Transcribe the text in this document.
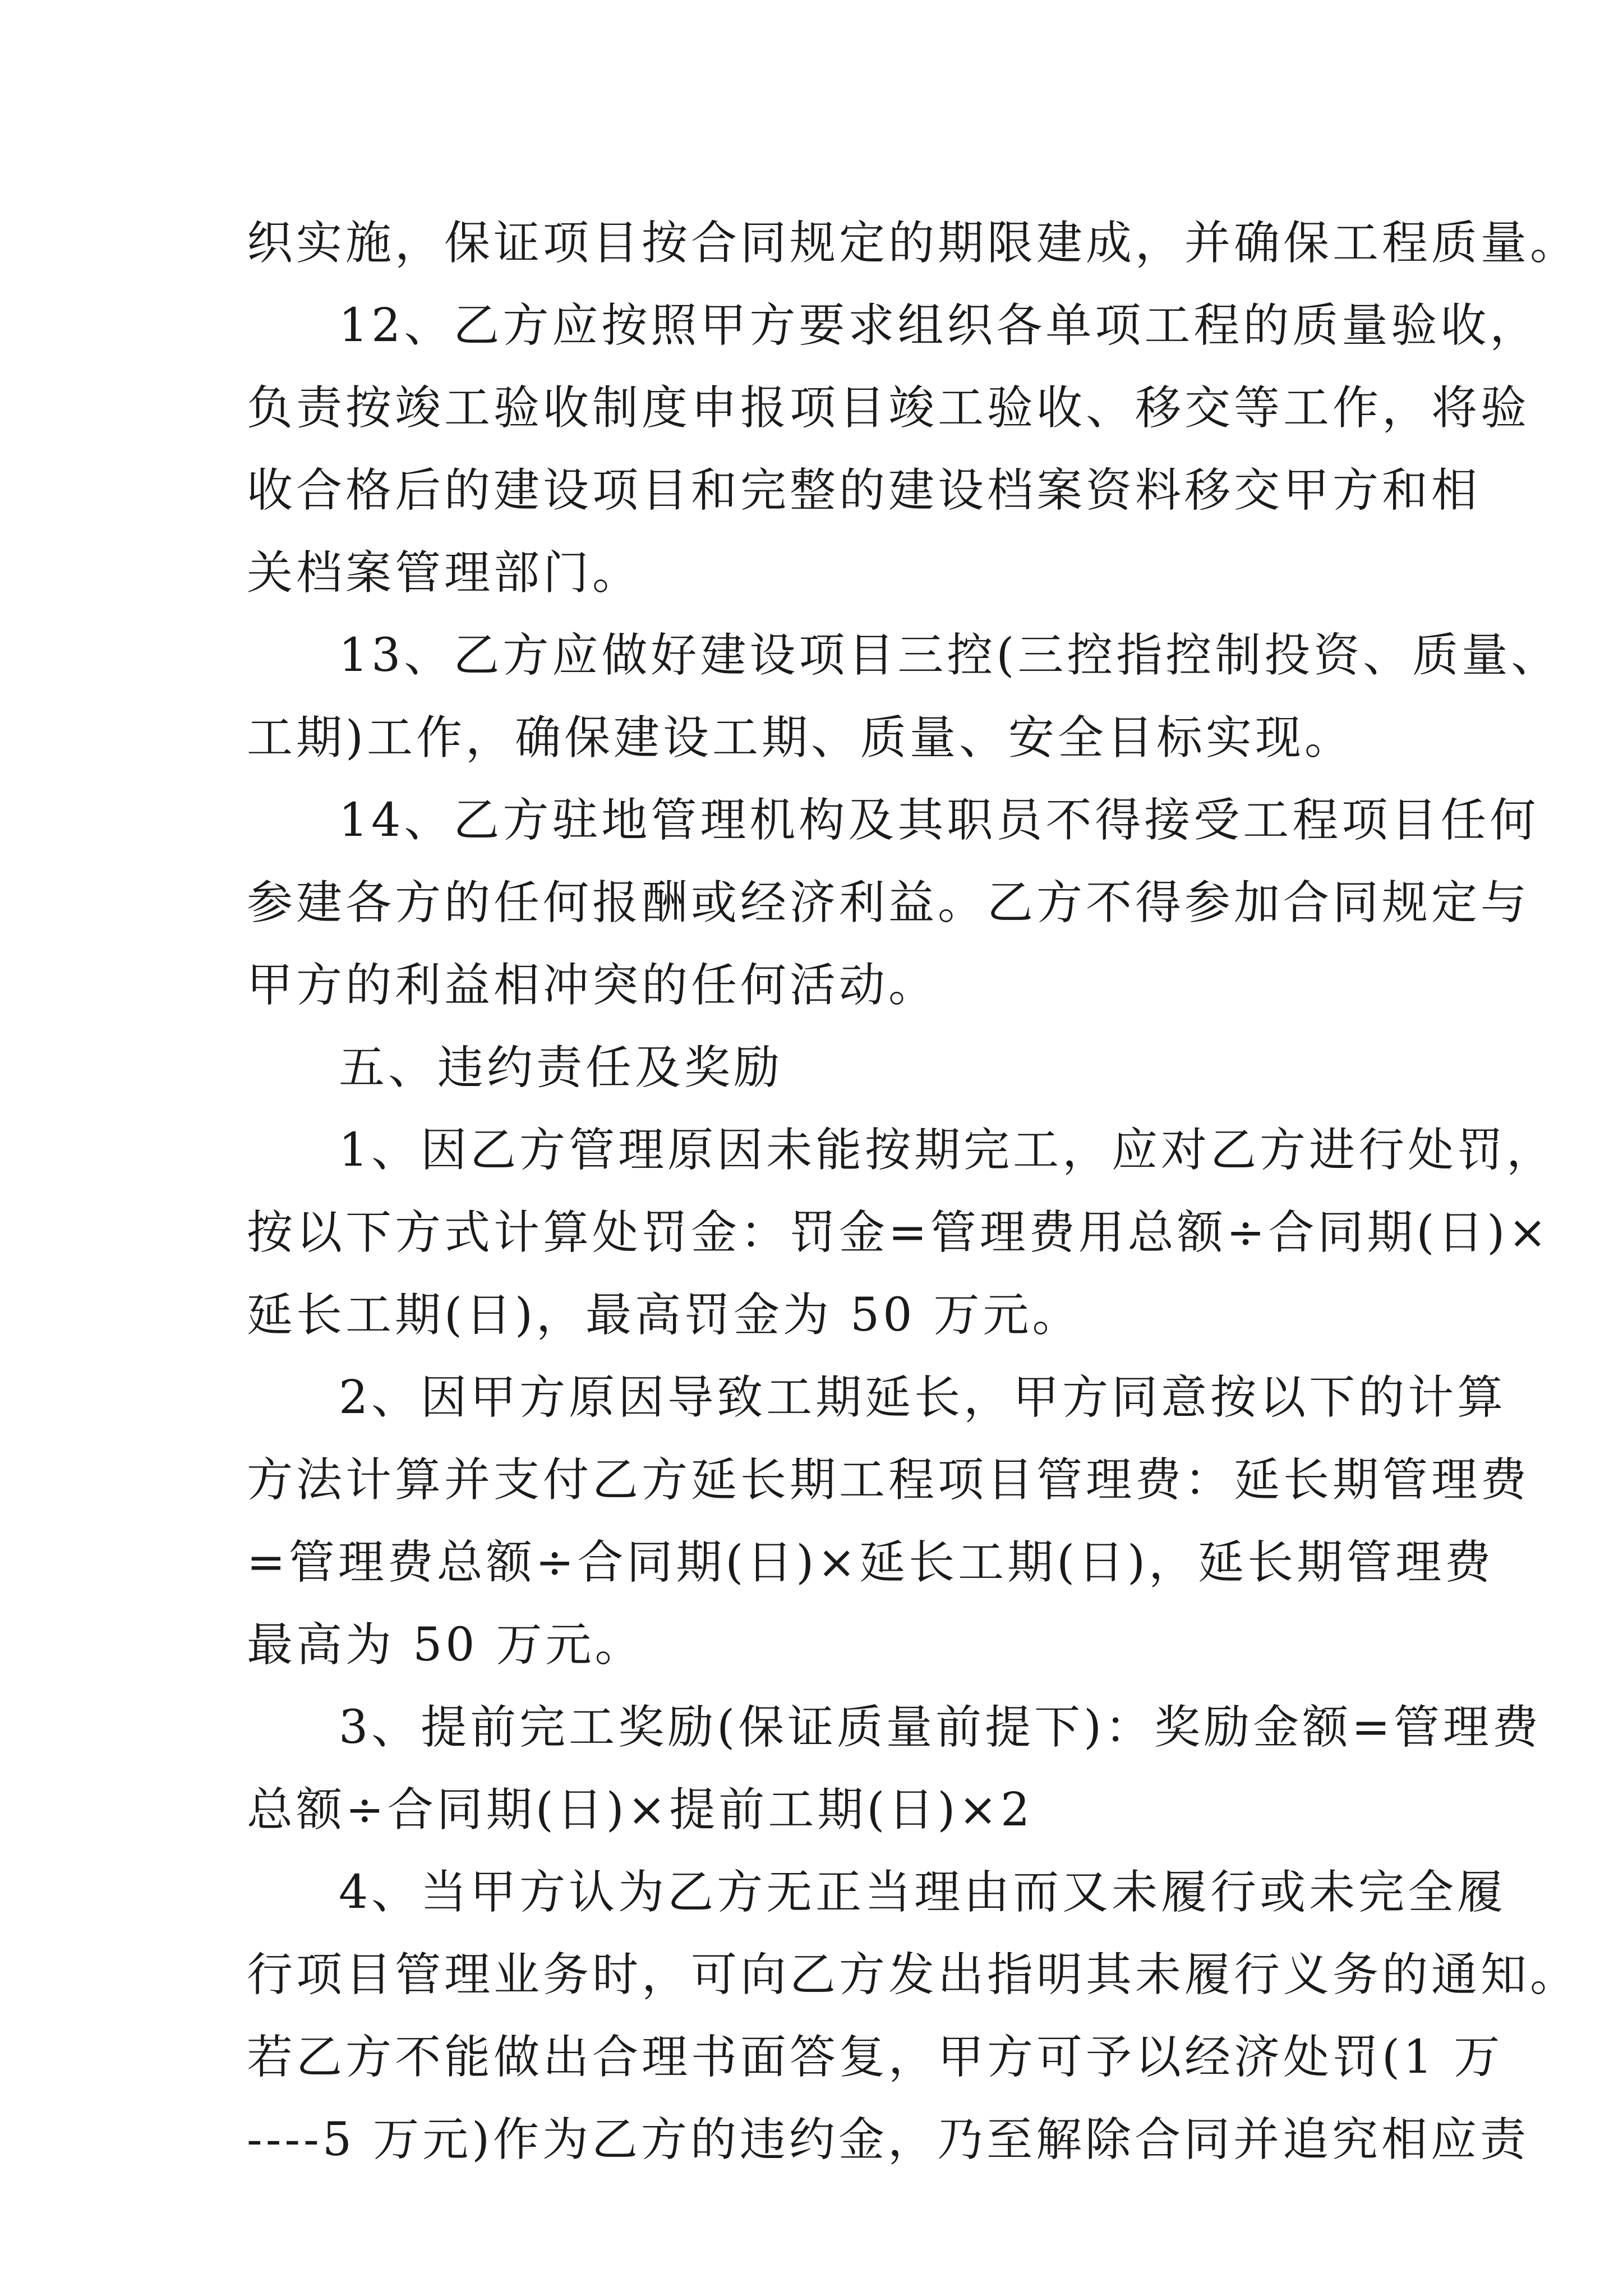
织实施，保证项目按合同规定的期限建成，并确保工程质量。
12、乙方应按照甲方要求组织各单项工程的质量验收，
负责按竣工验收制度申报项目竣工验收、移交等工作，将验
收合格后的建设项目和完整的建设档案资料移交甲方和相
关档案管理部门。
13、乙方应做好建设项目三控(三控指控制投资、质量、
工期)工作，确保建设工期、质量、安全目标实现。
14、乙方驻地管理机构及其职员不得接受工程项目任何
参建各方的任何报酬或经济利益。乙方不得参加合同规定与
甲方的利益相冲突的任何活动。
五、违约责任及奖励
1、因乙方管理原因未能按期完工，应对乙方进行处罚，
按以下方式计算处罚金：罚金=管理费用总额÷合同期(日)×
延长工期(日)，最高罚金为 50 万元。
2、因甲方原因导致工期延长，甲方同意按以下的计算
方法计算并支付乙方延长期工程项目管理费：延长期管理费
=管理费总额÷合同期(日)×延长工期(日)，延长期管理费
最高为 50 万元。
3、提前完工奖励(保证质量前提下)：奖励金额=管理费
总额÷合同期(日)×提前工期(日)×2
4、当甲方认为乙方无正当理由而又未履行或未完全履
行项目管理业务时，可向乙方发出指明其未履行义务的通知。
若乙方不能做出合理书面答复，甲方可予以经济处罚(1 万
----5 万元)作为乙方的违约金，乃至解除合同并追究相应责
